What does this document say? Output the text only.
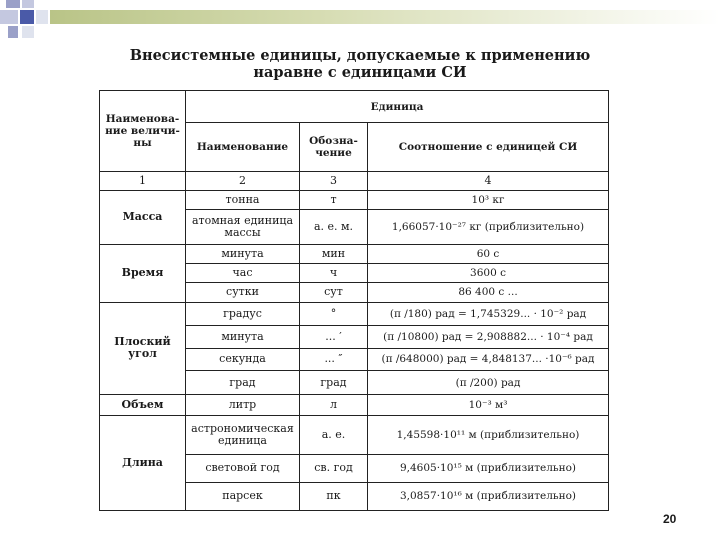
Внесистемные единицы, допускаемые к применению
наравне с единицами СИ
Наименова-ние величи-ны	Единица		
	Наименование	Обозна-чение	Соотношение с единицей СИ
1	2	3	4
Масса	тонна	т	10³ кг
	атомная единица массы	а. е. м.	1,66057·10⁻²⁷ кг (приблизительно)
Время	минута	мин	60 с
	час	ч	3600 с
	сутки	сут	86 400 с ...
Плоский угол	градус	°	(π /180) рад = 1,745329... · 10⁻² рад
	минута	... ′	(π /10800) рад = 2,908882... · 10⁻⁴ рад
	секунда	... ″	(π /648000) рад = 4,848137... ·10⁻⁶ рад
	град	град	(π /200) рад
Объем	литр	л	10⁻³ м³
Длина	астрономическая единица	а. е.	1,45598·10¹¹ м (приблизительно)
	световой год	св. год	9,4605·10¹⁵ м (приблизительно)
	парсек	пк	3,0857·10¹⁶ м (приблизительно)
20
